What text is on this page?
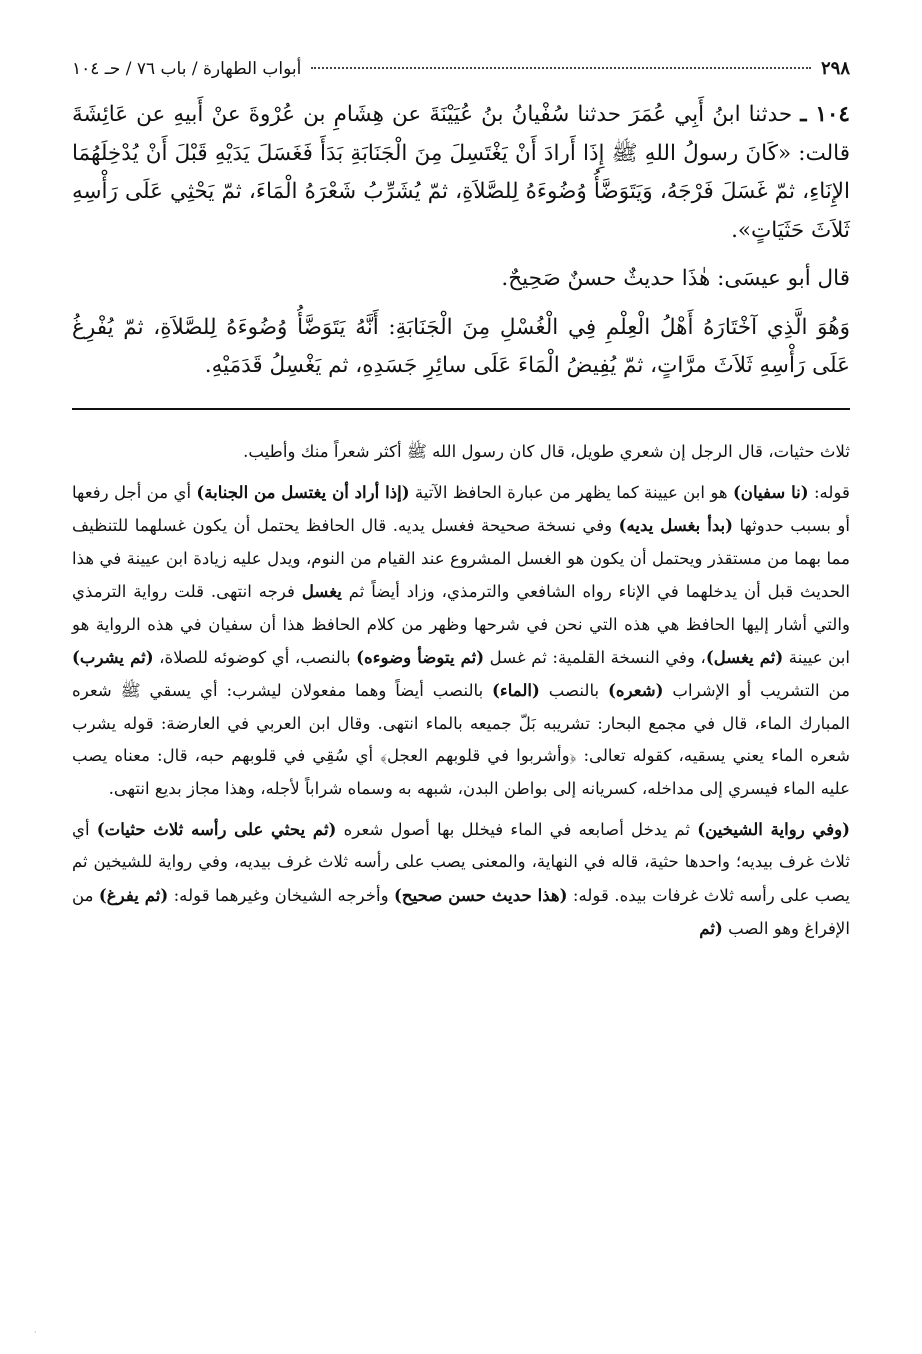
٢٩٨
أبواب الطهارة / باب ٧٦ / حـ ١٠٤

١٠٤ ـ حدثنا ابنُ أَبِي عُمَرَ حدثنا سُفْيانُ بنُ عُيَيْنَةَ عن هِشَامِ بن عُرْوةَ عنْ أَبيهِ عن عَائِشَةَ قالت: «كَانَ رسولُ اللهِ ﷺ إِذَا أَرادَ أَنْ يَغْتَسِلَ مِنَ الْجَنَابَةِ بَدَأَ فَغَسَلَ يَدَيْهِ قَبْلَ أَنْ يُدْخِلَهُمَا الإِنَاءِ، ثمّ غَسَلَ فَرْجَهُ، وَيَتَوَضَّأُ وُضُوءَهُ لِلصَّلاَةِ، ثمّ يُشَرِّبُ شَعْرَهُ الْمَاءَ، ثمّ يَحْثِي عَلَى رَأْسِهِ ثَلاَثَ حَثَيَاتٍ».

قال أبو عيسَى: هٰذَا حديثٌ حسنٌ صَحِيحٌ.

وَهُوَ الَّذِي آخْتَارَهُ أَهْلُ الْعِلْمِ فِي الْغُسْلِ مِنَ الْجَنَابَةِ: أَنَّهُ يَتَوَضَّأُ وُضُوءَهُ لِلصَّلاَةِ، ثمّ يُفْرِغُ عَلَى رَأْسِهِ ثَلاَثَ مرَّاتٍ، ثمّ يُفِيضُ الْمَاءَ عَلَى سائِرِ جَسَدِهِ، ثم يَغْسِلُ قَدَمَيْهِ.

ثلاث حثيات، قال الرجل إن شعري طويل، قال كان رسول الله ﷺ أكثر شعراً منك وأطيب.

قوله: (نا سفيان) هو ابن عيينة كما يظهر من عبارة الحافظ الآتية (إذا أراد أن يغتسل من الجنابة) أي من أجل رفعها أو بسبب حدوثها (بدأ بغسل يديه) وفي نسخة صحيحة فغسل يديه. قال الحافظ يحتمل أن يكون غسلهما للتنظيف مما بهما من مستقذر ويحتمل أن يكون هو الغسل المشروع عند القيام من النوم، ويدل عليه زيادة ابن عيينة في هذا الحديث قبل أن يدخلهما في الإناء رواه الشافعي والترمذي، وزاد أيضاً ثم يغسل فرجه انتهى. قلت رواية الترمذي والتي أشار إليها الحافظ هي هذه التي نحن في شرحها وظهر من كلام الحافظ هذا أن سفيان في هذه الرواية هو ابن عيينة (ثم يغسل)، وفي النسخة القلمية: ثم غسل (ثم يتوضأ وضوءه) بالنصب، أي كوضوئه للصلاة، (ثم يشرب) من التشريب أو الإشراب (شعره) بالنصب (الماء) بالنصب أيضاً وهما مفعولان ليشرب: أي يسقي ﷺ شعره المبارك الماء، قال في مجمع البحار: تشريبه بَلّ جميعه بالماء انتهى. وقال ابن العربي في العارضة: قوله يشرب شعره الماء يعني يسقيه، كقوله تعالى: ﴿وأشربوا في قلوبهم العجل﴾ أي سُقِي في قلوبهم حبه، قال: معناه يصب عليه الماء فيسري إلى مداخله، كسريانه إلى بواطن البدن، شبهه به وسماه شراباً لأجله، وهذا مجاز بديع انتهى.

(وفي رواية الشيخين) ثم يدخل أصابعه في الماء فيخلل بها أصول شعره (ثم يحثي على رأسه ثلاث حثيات) أي ثلاث غرف بيديه؛ واحدها حثية، قاله في النهاية، والمعنى يصب على رأسه ثلاث غرف بيديه، وفي رواية للشيخين ثم يصب على رأسه ثلاث غرفات بيده. قوله: (هذا حديث حسن صحيح) وأخرجه الشيخان وغيرهما قوله: (ثم يفرغ) من الإفراغ وهو الصب (ثم

·
